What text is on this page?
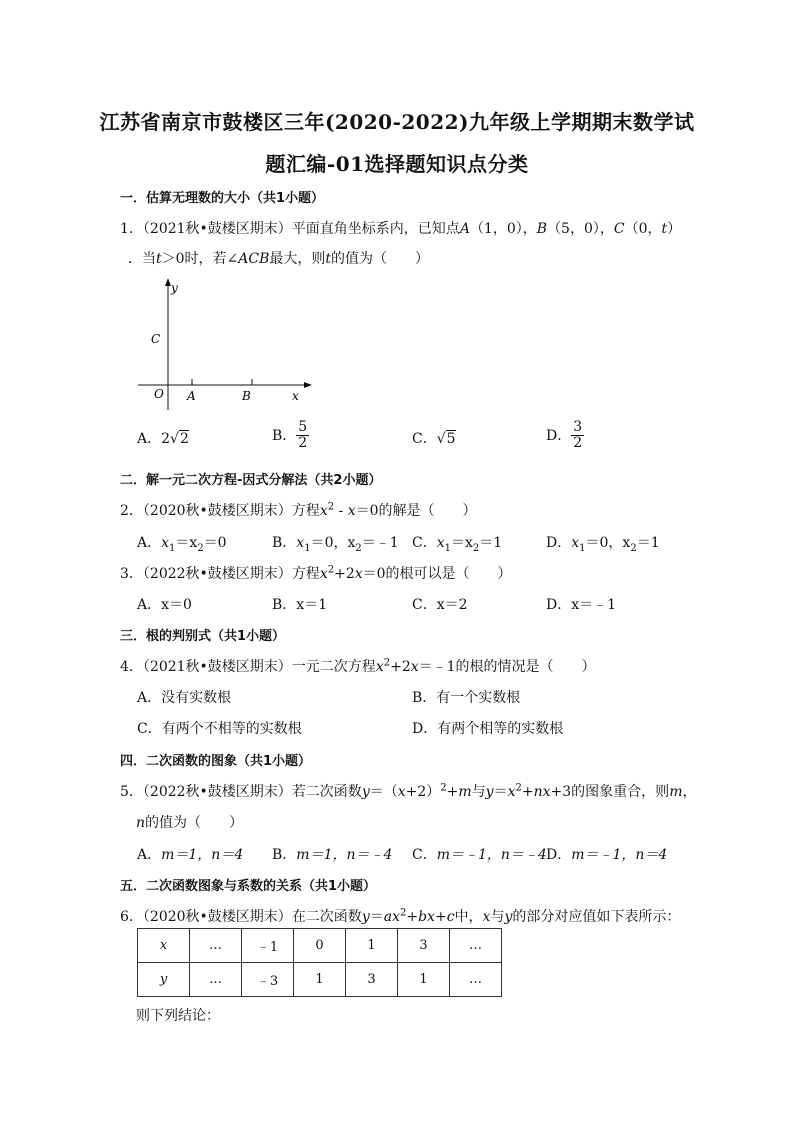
江苏省南京市鼓楼区三年(2020-2022)九年级上学期期末数学试
题汇编-01选择题知识点分类
一．估算无理数的大小（共1小题）
1．（2021秋•鼓楼区期末）平面直角坐标系内，已知点A（1，0），B（5，0），C（0，t）
．当t＞0时，若∠ACB最大，则t的值为（　　）
y
C
O A	B	x
A．2√2	B． $\frac{5}{2}$	C．√5	D． $\frac{3}{2}$
二．解一元二次方程-因式分解法（共2小题）
2．（2020秋•鼓楼区期末）方程$x^2 - x=0$的解是（　　）
A．$x_1=x_2=0$	B．$x_1=0$，$x_2=﹣1$ C．$x_1=x_2=1$	D．$x_1=0$，$x_2=1$
3．（2022秋•鼓楼区期末）方程$x^2+2x=0$的根可以是（　　）
A．x＝0	B．x＝1	C．x＝2	D．x＝﹣1
三．根的判别式（共1小题）
4．（2021秋•鼓楼区期末）一元二次方程$x^2+2x=﹣1$的根的情况是（　　）
A．没有实数根	B．有一个实数根
C．有两个不相等的实数根	D．有两个相等的实数根
四．二次函数的图象（共1小题）
5．（2022秋•鼓楼区期末）若二次函数$y=(x+2)^2+m$与$y=x^2+nx+3$的图象重合，则m，
n的值为（　　）
A．m＝1，n＝4 B．m＝1，n＝﹣4 C．m＝﹣1，n＝﹣4 D．m＝﹣1，n＝4
五．二次函数图象与系数的关系（共1小题）
6．（2020秋•鼓楼区期末）在二次函数$y=ax^2+bx+c$中，x与y的部分对应值如下表所示：
x	…	﹣1	0	1	3	…
y	…	﹣3	1	3	1	…
则下列结论：
